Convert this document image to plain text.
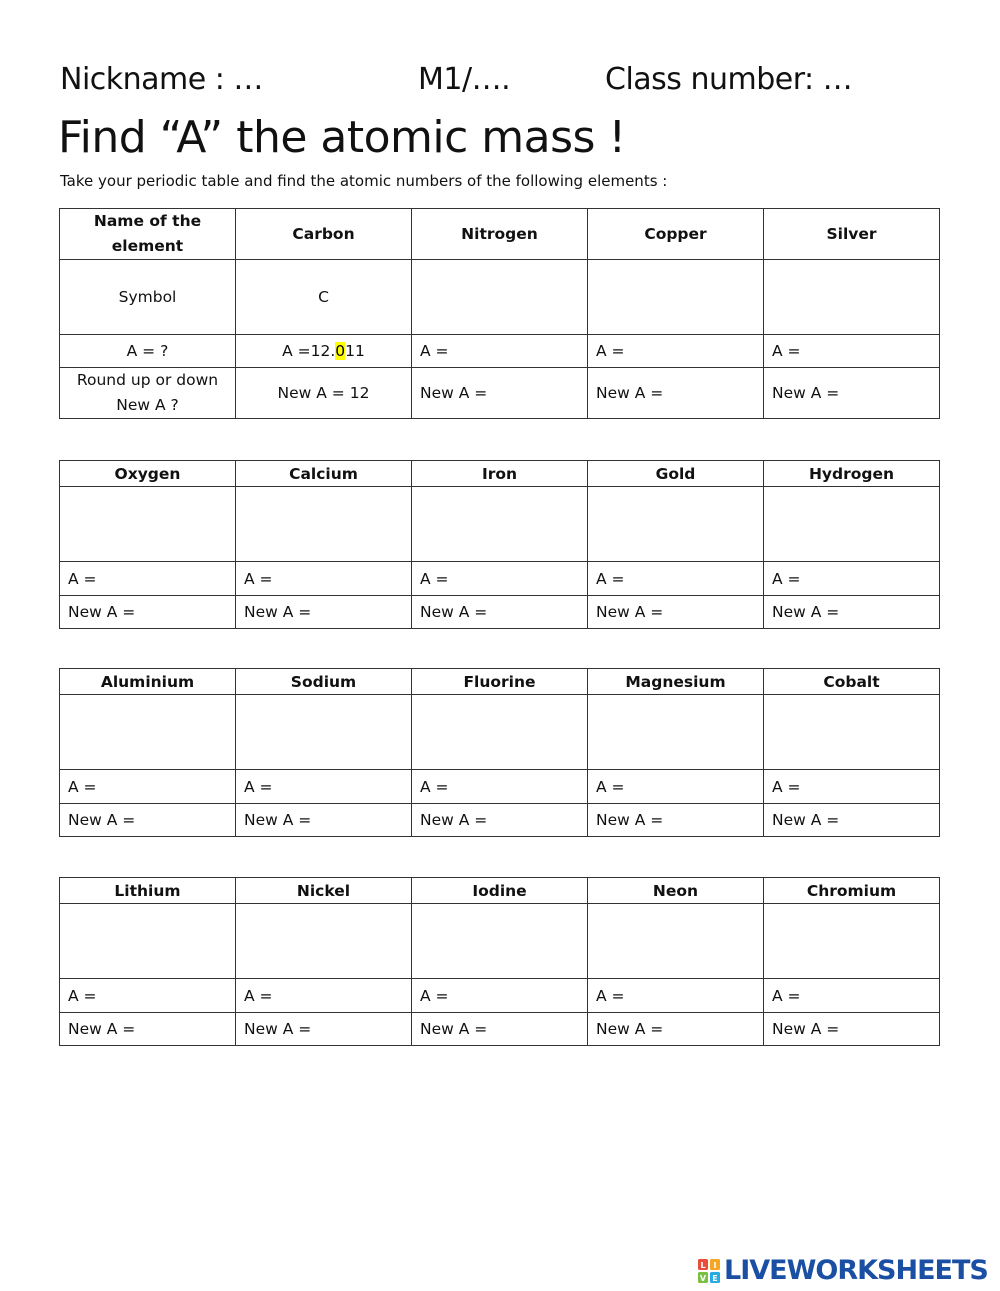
Nickname : …	M1/….	Class number: …
Find “A” the atomic mass !
Take your periodic table and find the atomic numbers of the following elements :
Name of the element	Carbon	Nitrogen	Copper	Silver
Symbol	C			
A = ?	A =12.011	A =	A =	A =
Round up or down
New A ?	New A = 12	New A =	New A =	New A =
Oxygen	Calcium	Iron	Gold	Hydrogen

A =	A =	A =	A =	A =
New A =	New A =	New A =	New A =	New A =
Aluminium	Sodium	Fluorine	Magnesium	Cobalt

A =	A =	A =	A =	A =
New A =	New A =	New A =	New A =	New A =
Lithium	Nickel	Iodine	Neon	Chromium

A =	A =	A =	A =	A =
New A =	New A =	New A =	New A =	New A =
L I
V E LIVEWORKSHEETS
